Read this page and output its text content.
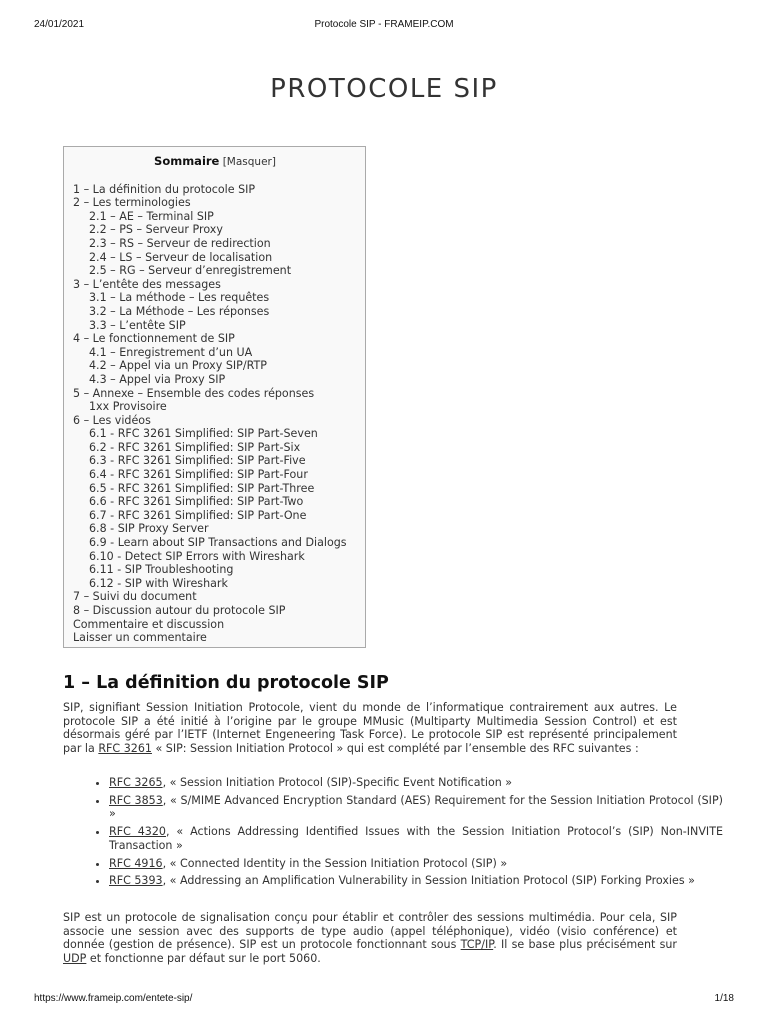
24/01/2021	Protocole SIP - FRAMEIP.COM
PROTOCOLE SIP
Sommaire [Masquer]
1 – La définition du protocole SIP
2 – Les terminologies
2.1 – AE – Terminal SIP
2.2 – PS – Serveur Proxy
2.3 – RS – Serveur de redirection
2.4 – LS – Serveur de localisation
2.5 – RG – Serveur d’enregistrement
3 – L’entête des messages
3.1 – La méthode – Les requêtes
3.2 – La Méthode – Les réponses
3.3 – L’entête SIP
4 – Le fonctionnement de SIP
4.1 – Enregistrement d’un UA
4.2 – Appel via un Proxy SIP/RTP
4.3 – Appel via Proxy SIP
5 – Annexe – Ensemble des codes réponses
1xx Provisoire
6 – Les vidéos
6.1 - RFC 3261 Simplified: SIP Part-Seven
6.2 - RFC 3261 Simplified: SIP Part-Six
6.3 - RFC 3261 Simplified: SIP Part-Five
6.4 - RFC 3261 Simplified: SIP Part-Four
6.5 - RFC 3261 Simplified: SIP Part-Three
6.6 - RFC 3261 Simplified: SIP Part-Two
6.7 - RFC 3261 Simplified: SIP Part-One
6.8 - SIP Proxy Server
6.9 - Learn about SIP Transactions and Dialogs
6.10 - Detect SIP Errors with Wireshark
6.11 - SIP Troubleshooting
6.12 - SIP with Wireshark
7 – Suivi du document
8 – Discussion autour du protocole SIP
Commentaire et discussion
Laisser un commentaire
1 – La définition du protocole SIP

SIP, signifiant Session Initiation Protocole, vient du monde de l’informatique contrairement aux autres. Le protocole SIP a été initié à l’origine par le groupe MMusic (Multiparty Multimedia Session Control) et est désormais géré par l’IETF (Internet Engeneering Task Force). Le protocole SIP est représenté principalement par la RFC 3261 « SIP: Session Initiation Protocol » qui est complété par l’ensemble des RFC suivantes :

• RFC 3265, « Session Initiation Protocol (SIP)-Specific Event Notification »
• RFC 3853, « S/MIME Advanced Encryption Standard (AES) Requirement for the Session Initiation Protocol (SIP) »
• RFC 4320, « Actions Addressing Identified Issues with the Session Initiation Protocol’s (SIP) Non-INVITE Transaction »
• RFC 4916, « Connected Identity in the Session Initiation Protocol (SIP) »
• RFC 5393, « Addressing an Amplification Vulnerability in Session Initiation Protocol (SIP) Forking Proxies »

SIP est un protocole de signalisation conçu pour établir et contrôler des sessions multimédia. Pour cela, SIP associe une session avec des supports de type audio (appel téléphonique), vidéo (visio conférence) et donnée (gestion de présence). SIP est un protocole fonctionnant sous TCP/IP. Il se base plus précisément sur UDP et fonctionne par défaut sur le port 5060.

https://www.frameip.com/entete-sip/	1/18
